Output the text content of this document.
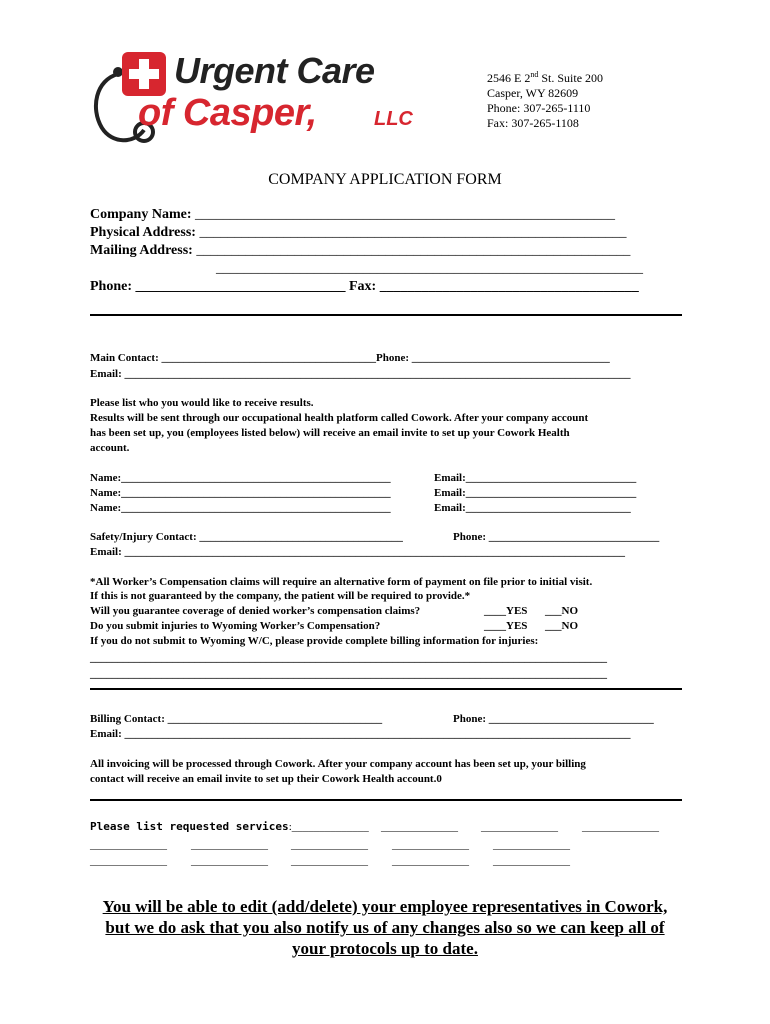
Urgent Care
of Casper,	LLC
2546 E 2nd St. Suite 200
Casper, WY 82609
Phone: 307-265-1110
Fax: 307-265-1108
COMPANY APPLICATION FORM
Company Name: ____________________________________________________________
Physical Address: _____________________________________________________________
Mailing Address: ______________________________________________________________
_____________________________________________________________
Phone: ______________________________ Fax: _____________________________________
Main Contact: _______________________________________Phone: ____________________________________
Email: ____________________________________________________________________________________________
Please list who you would like to receive results.
Results will be sent through our occupational health platform called Cowork. After your company account
has been set up, you (employees listed below) will receive an email invite to set up your Cowork Health
account.
Name:_________________________________________________	Email:_______________________________
Name:_________________________________________________	Email:_______________________________
Name:_________________________________________________	Email:______________________________
Safety/Injury Contact: _____________________________________	Phone: _______________________________
Email: ___________________________________________________________________________________________
*All Worker’s Compensation claims will require an alternative form of payment on file prior to initial visit.
If this is not guaranteed by the company, the patient will be required to provide.*
Will you guarantee coverage of denied worker’s compensation claims?	____YES ___NO
Do you submit injuries to Wyoming Worker’s Compensation?	____YES ___NO
If you do not submit to Wyoming W/C, please provide complete billing information for injuries:
______________________________________________________________________________________________
______________________________________________________________________________________________
Billing Contact: _______________________________________	Phone: ______________________________
Email: ____________________________________________________________________________________________
All invoicing will be processed through Cowork. After your company account has been set up, your billing
contact will receive an email invite to set up their Cowork Health account.0
Please list requested services:______________ ______________ ______________ ______________
______________ ______________ ______________ ______________ ______________
______________ ______________ ______________ ______________ ______________
You will be able to edit (add/delete) your employee representatives in Cowork,
but we do ask that you also notify us of any changes also so we can keep all of
your protocols up to date.
